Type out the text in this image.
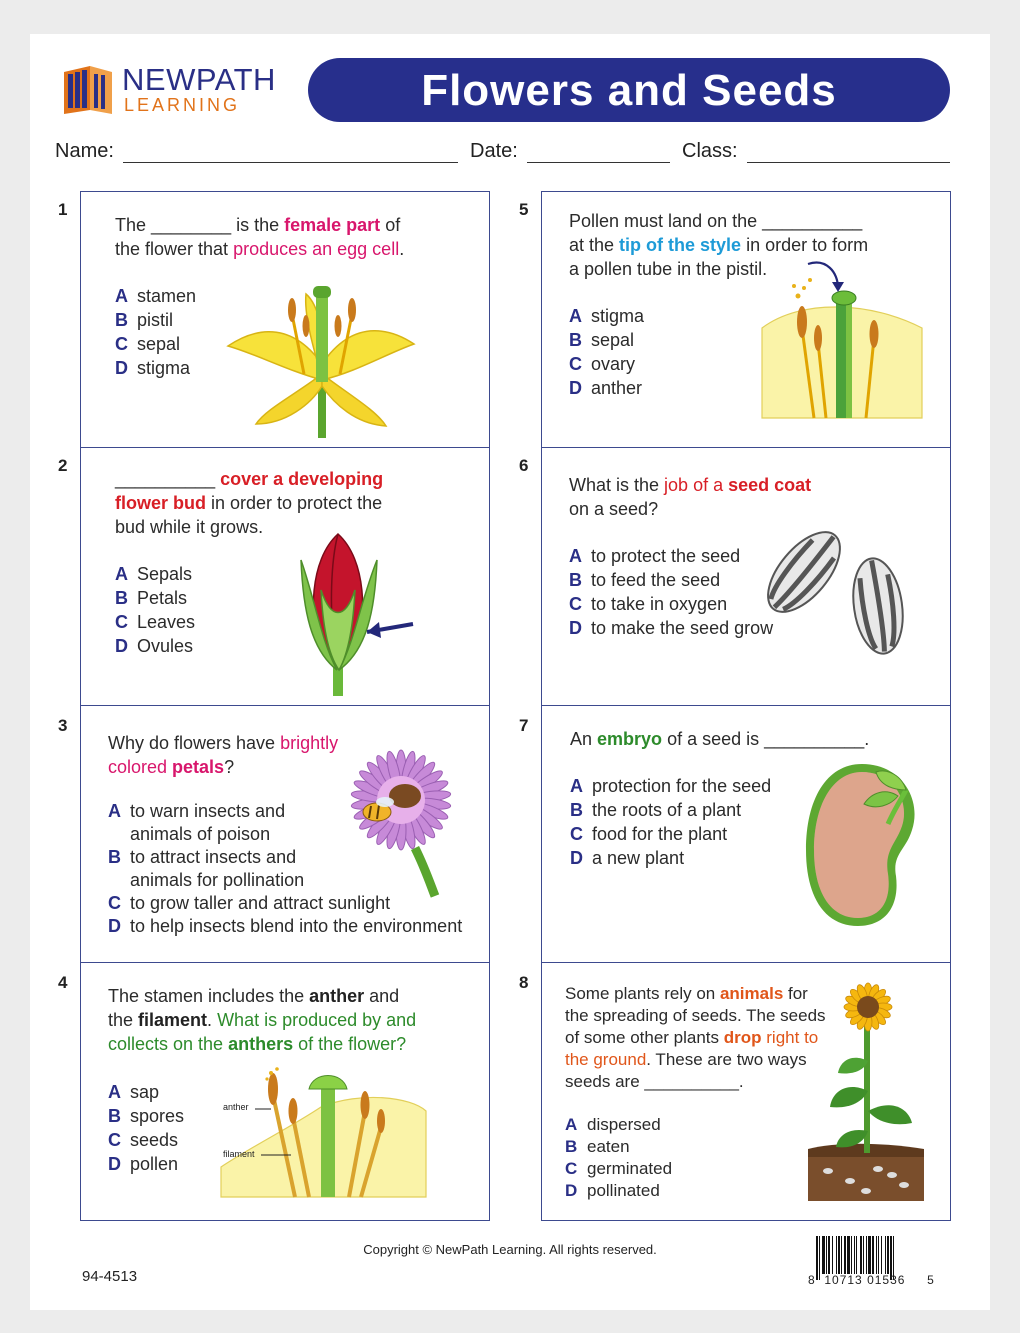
NEWPATH
LEARNING	Flowers and Seeds
Name:	Date:	Class:
1
The ________ is the female part of
the flower that produces an egg cell.
A stamen
B pistil
C sepal
D stigma
2
__________ cover a developing
flower bud in order to protect the
bud while it grows.
A Sepals
B Petals
C Leaves
D Ovules
3
Why do flowers have brightly
colored petals?
A to warn insects and
animals of poison
B to attract insects and
animals for pollination
C to grow taller and attract sunlight
D to help insects blend into the environment
4
The stamen includes the anther and
the filament. What is produced by and
collects on the anthers of the flower?
A sap
B spores
C seeds
D pollen
anther
filament
5
Pollen must land on the __________
at the tip of the style in order to form
a pollen tube in the pistil.
A stigma
B sepal
C ovary
D anther
6
What is the job of a seed coat
on a seed?
A to protect the seed
B to feed the seed
C to take in oxygen
D to make the seed grow
7
An embryo of a seed is __________.
A protection for the seed
B the roots of a plant
C food for the plant
D a new plant
8
Some plants rely on animals for
the spreading of seeds. The seeds
of some other plants drop right to
the ground. These are two ways
seeds are __________.
A dispersed
B eaten
C germinated
D pollinated
Copyright © NewPath Learning. All rights reserved.
94-4513	8 10713 01536 5
